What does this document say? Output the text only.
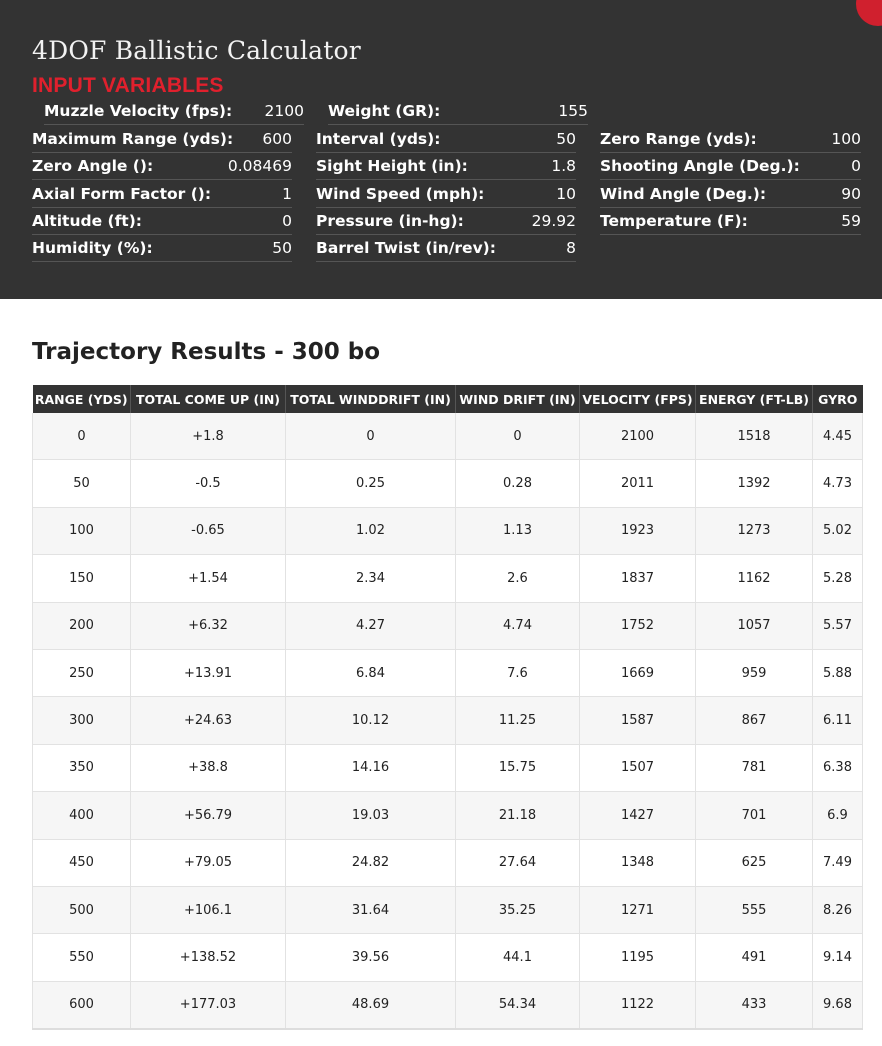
4DOF Ballistic Calculator
INPUT VARIABLES
Muzzle Velocity (fps): 2100 Weight (GR):	155
Maximum Range (yds): 600 Interval (yds):	50 Zero Range (yds):	100
Zero Angle ():	0.08469 Sight Height (in):	1.8 Shooting Angle (Deg.):	0
Axial Form Factor ():	1 Wind Speed (mph):	10 Wind Angle (Deg.):	90
Altitude (ft):	0 Pressure (in-hg):	29.92 Temperature (F):	59
Humidity (%):	50 Barrel Twist (in/rev):	8
Trajectory Results - 300 bo
RANGE (YDS)	TOTAL COME UP (IN)	TOTAL WINDDRIFT (IN)	WIND DRIFT (IN)	VELOCITY (FPS)	ENERGY (FT-LB)	GYRO
0	+1.8	0	0	2100	1518	4.45
50	-0.5	0.25	0.28	2011	1392	4.73
100	-0.65	1.02	1.13	1923	1273	5.02
150	+1.54	2.34	2.6	1837	1162	5.28
200	+6.32	4.27	4.74	1752	1057	5.57
250	+13.91	6.84	7.6	1669	959	5.88
300	+24.63	10.12	11.25	1587	867	6.11
350	+38.8	14.16	15.75	1507	781	6.38
400	+56.79	19.03	21.18	1427	701	6.9
450	+79.05	24.82	27.64	1348	625	7.49
500	+106.1	31.64	35.25	1271	555	8.26
550	+138.52	39.56	44.1	1195	491	9.14
600	+177.03	48.69	54.34	1122	433	9.68
